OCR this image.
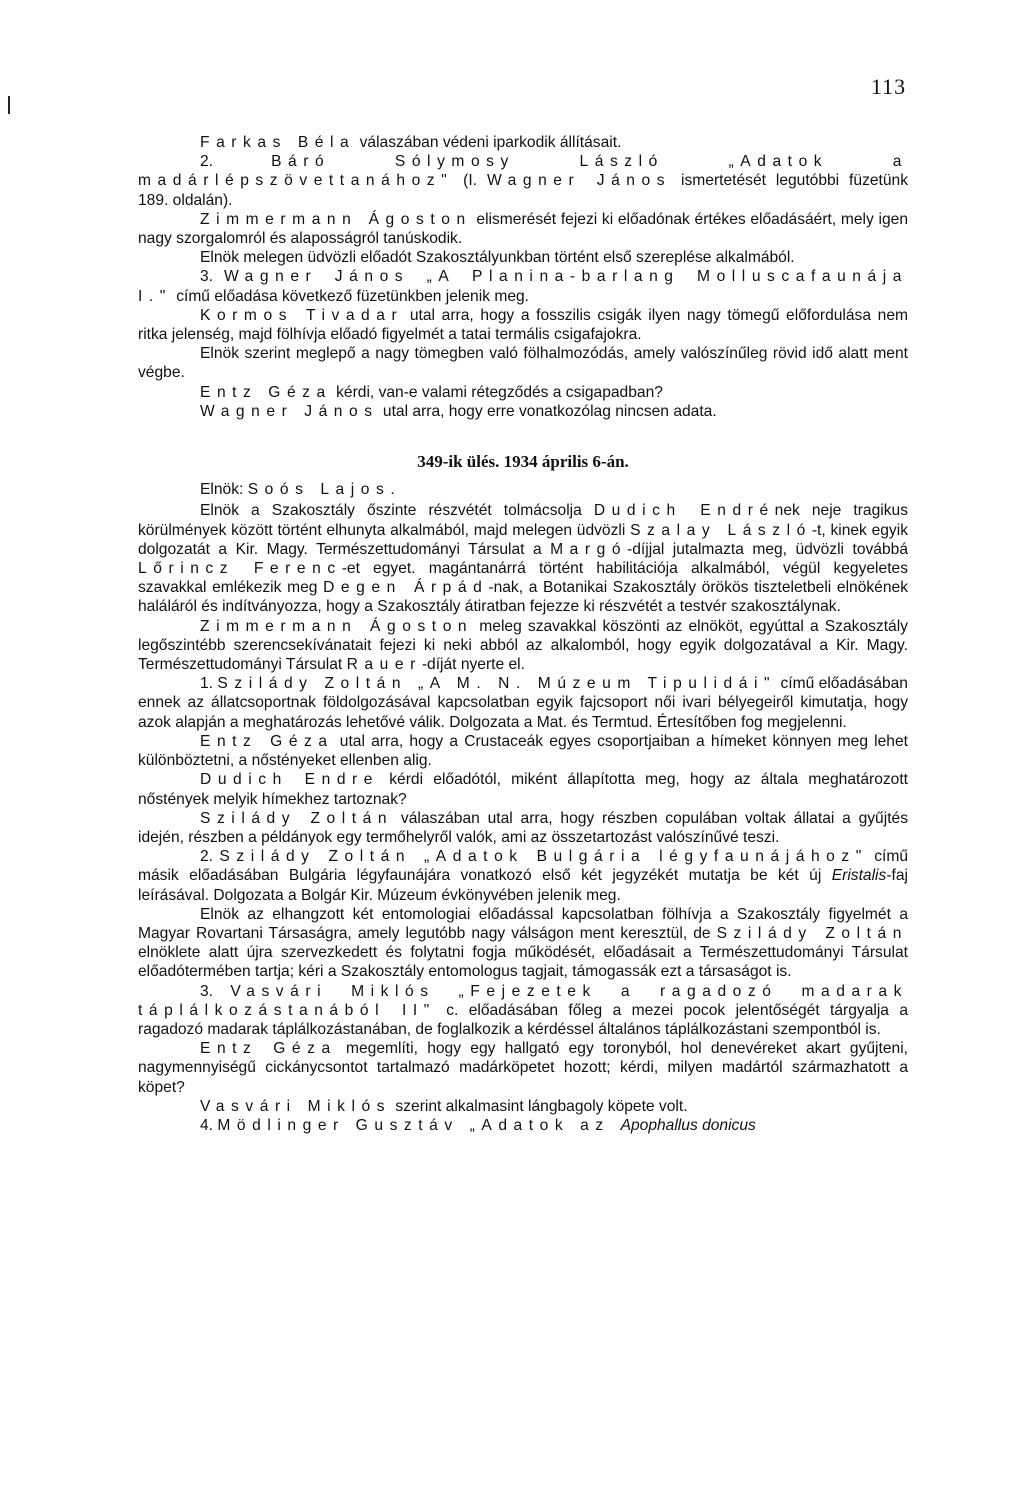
113

Farkas Béla válaszában védeni iparkodik állításait.

2. Báró Sólymosy László „Adatok a madárlépszövettanához" (I. Wagner János ismertetését legutóbbi füzetünk 189. oldalán).

Zimmermann Ágoston elismerését fejezi ki előadónak értékes előadásáért, mely igen nagy szorgalomról és alaposságról tanúskodik.

Elnök melegen üdvözli előadót Szakosztályunkban történt első szereplése alkalmából.

3. Wagner János „A Planina-barlang Molluscafaunája I." című előadása következő füzetünkben jelenik meg.

Kormos Tivadar utal arra, hogy a fosszilis csigák ilyen nagy tömegű előfordulása nem ritka jelenség, majd fölhívja előadó figyelmét a tatai termális csigafajokra.

Elnök szerint meglepő a nagy tömegben való fölhalmozódás, amely valószínűleg rövid idő alatt ment végbe.

Entz Géza kérdi, van-e valami rétegződés a csigapadban?

Wagner János utal arra, hogy erre vonatkozólag nincsen adata.

349-ik ülés. 1934 április 6-án.

Elnök: Soós Lajos.

Elnök a Szakosztály őszinte részvétét tolmácsolja Dudich Endrének neje tragikus körülmények között történt elhunyta alkalmából, majd melegen üdvözli Szalay László-t, kinek egyik dolgozatát a Kir. Magy. Természettudományi Társulat a Margó-díjjal jutalmazta meg, üdvözli továbbá Lőrincz Ferenc-et egyet. magántanárrá történt habilitációja alkalmából, végül kegyeletes szavakkal emlékezik meg Degen Árpád-nak, a Botanikai Szakosztály örökös tiszteletbeli elnökének haláláról és indítványozza, hogy a Szakosztály átiratban fejezze ki részvétét a testvér szakosztálynak.

Zimmermann Ágoston meleg szavakkal köszönti az elnököt, egyúttal a Szakosztály legőszintébb szerencsekívánatait fejezi ki neki abból az alkalomból, hogy egyik dolgozatával a Kir. Magy. Természettudományi Társulat Rauer-díját nyerte el.

1. Szilády Zoltán „A M. N. Múzeum Tipulidái" című előadásában ennek az állatcsoportnak földolgozásával kapcsolatban egyik fajcsoport női ivari bélyegeiről kimutatja, hogy azok alapján a meghatározás lehetővé válik. Dolgozata a Mat. és Termtud. Értesítőben fog megjelenni.

Entz Géza utal arra, hogy a Crustaceák egyes csoportjaiban a hímeket könnyen meg lehet különböztetni, a nőstényeket ellenben alig.

Dudich Endre kérdi előadótól, miként állapította meg, hogy az általa meghatározott nőstények melyik hímekhez tartoznak?

Sziládу Zoltán válaszában utal arra, hogy részben copulában voltak állatai a gyűjtés idején, részben a példányok egy termőhelyről valók, ami az összetartozást valószínűvé teszi.

2. Sziládу Zoltán „Adatok Bulgária légyfaunájához" című másik előadásában Bulgária légyfaunájára vonatkozó első két jegyzékét mutatja be két új Eristalis-faj leírásával. Dolgozata a Bolgár Kir. Múzeum évkönyvében jelenik meg.

Elnök az elhangzott két entomologiai előadással kapcsolatban fölhívja a Szakosztály figyelmét a Magyar Rovartani Társaságra, amely legutóbb nagy válságon ment keresztül, de Sziládу Zoltán elnöklete alatt újra szervezkedett és folytatni fogja működését, előadásait a Természettudományi Társulat előadótermében tartja; kéri a Szakosztály entomologus tagjait, támogassák ezt a társaságot is.

3. Vasvári Miklós „Fejezetek a ragadozó madarak táplálkozástanából II" c. előadásában főleg a mezei pocok jelentőségét tárgyalja a ragadozó madarak táplálkozástanában, de foglalkozik a kérdéssel általános táplálkozástani szempontból is.

Entz Géza megemlíti, hogy egy hallgató egy toronyból, hol denevéreket akart gyűjteni, nagymennyiségű cickánycsontot tartalmazó madárköpetet hozott; kérdi, milyen madártól származhatott a köpet?

Vasvári Miklós szerint alkalmasint lángbagoly köpete volt.

4. Mödlinger Gusztáv „Adatok az Apophallus donicus
